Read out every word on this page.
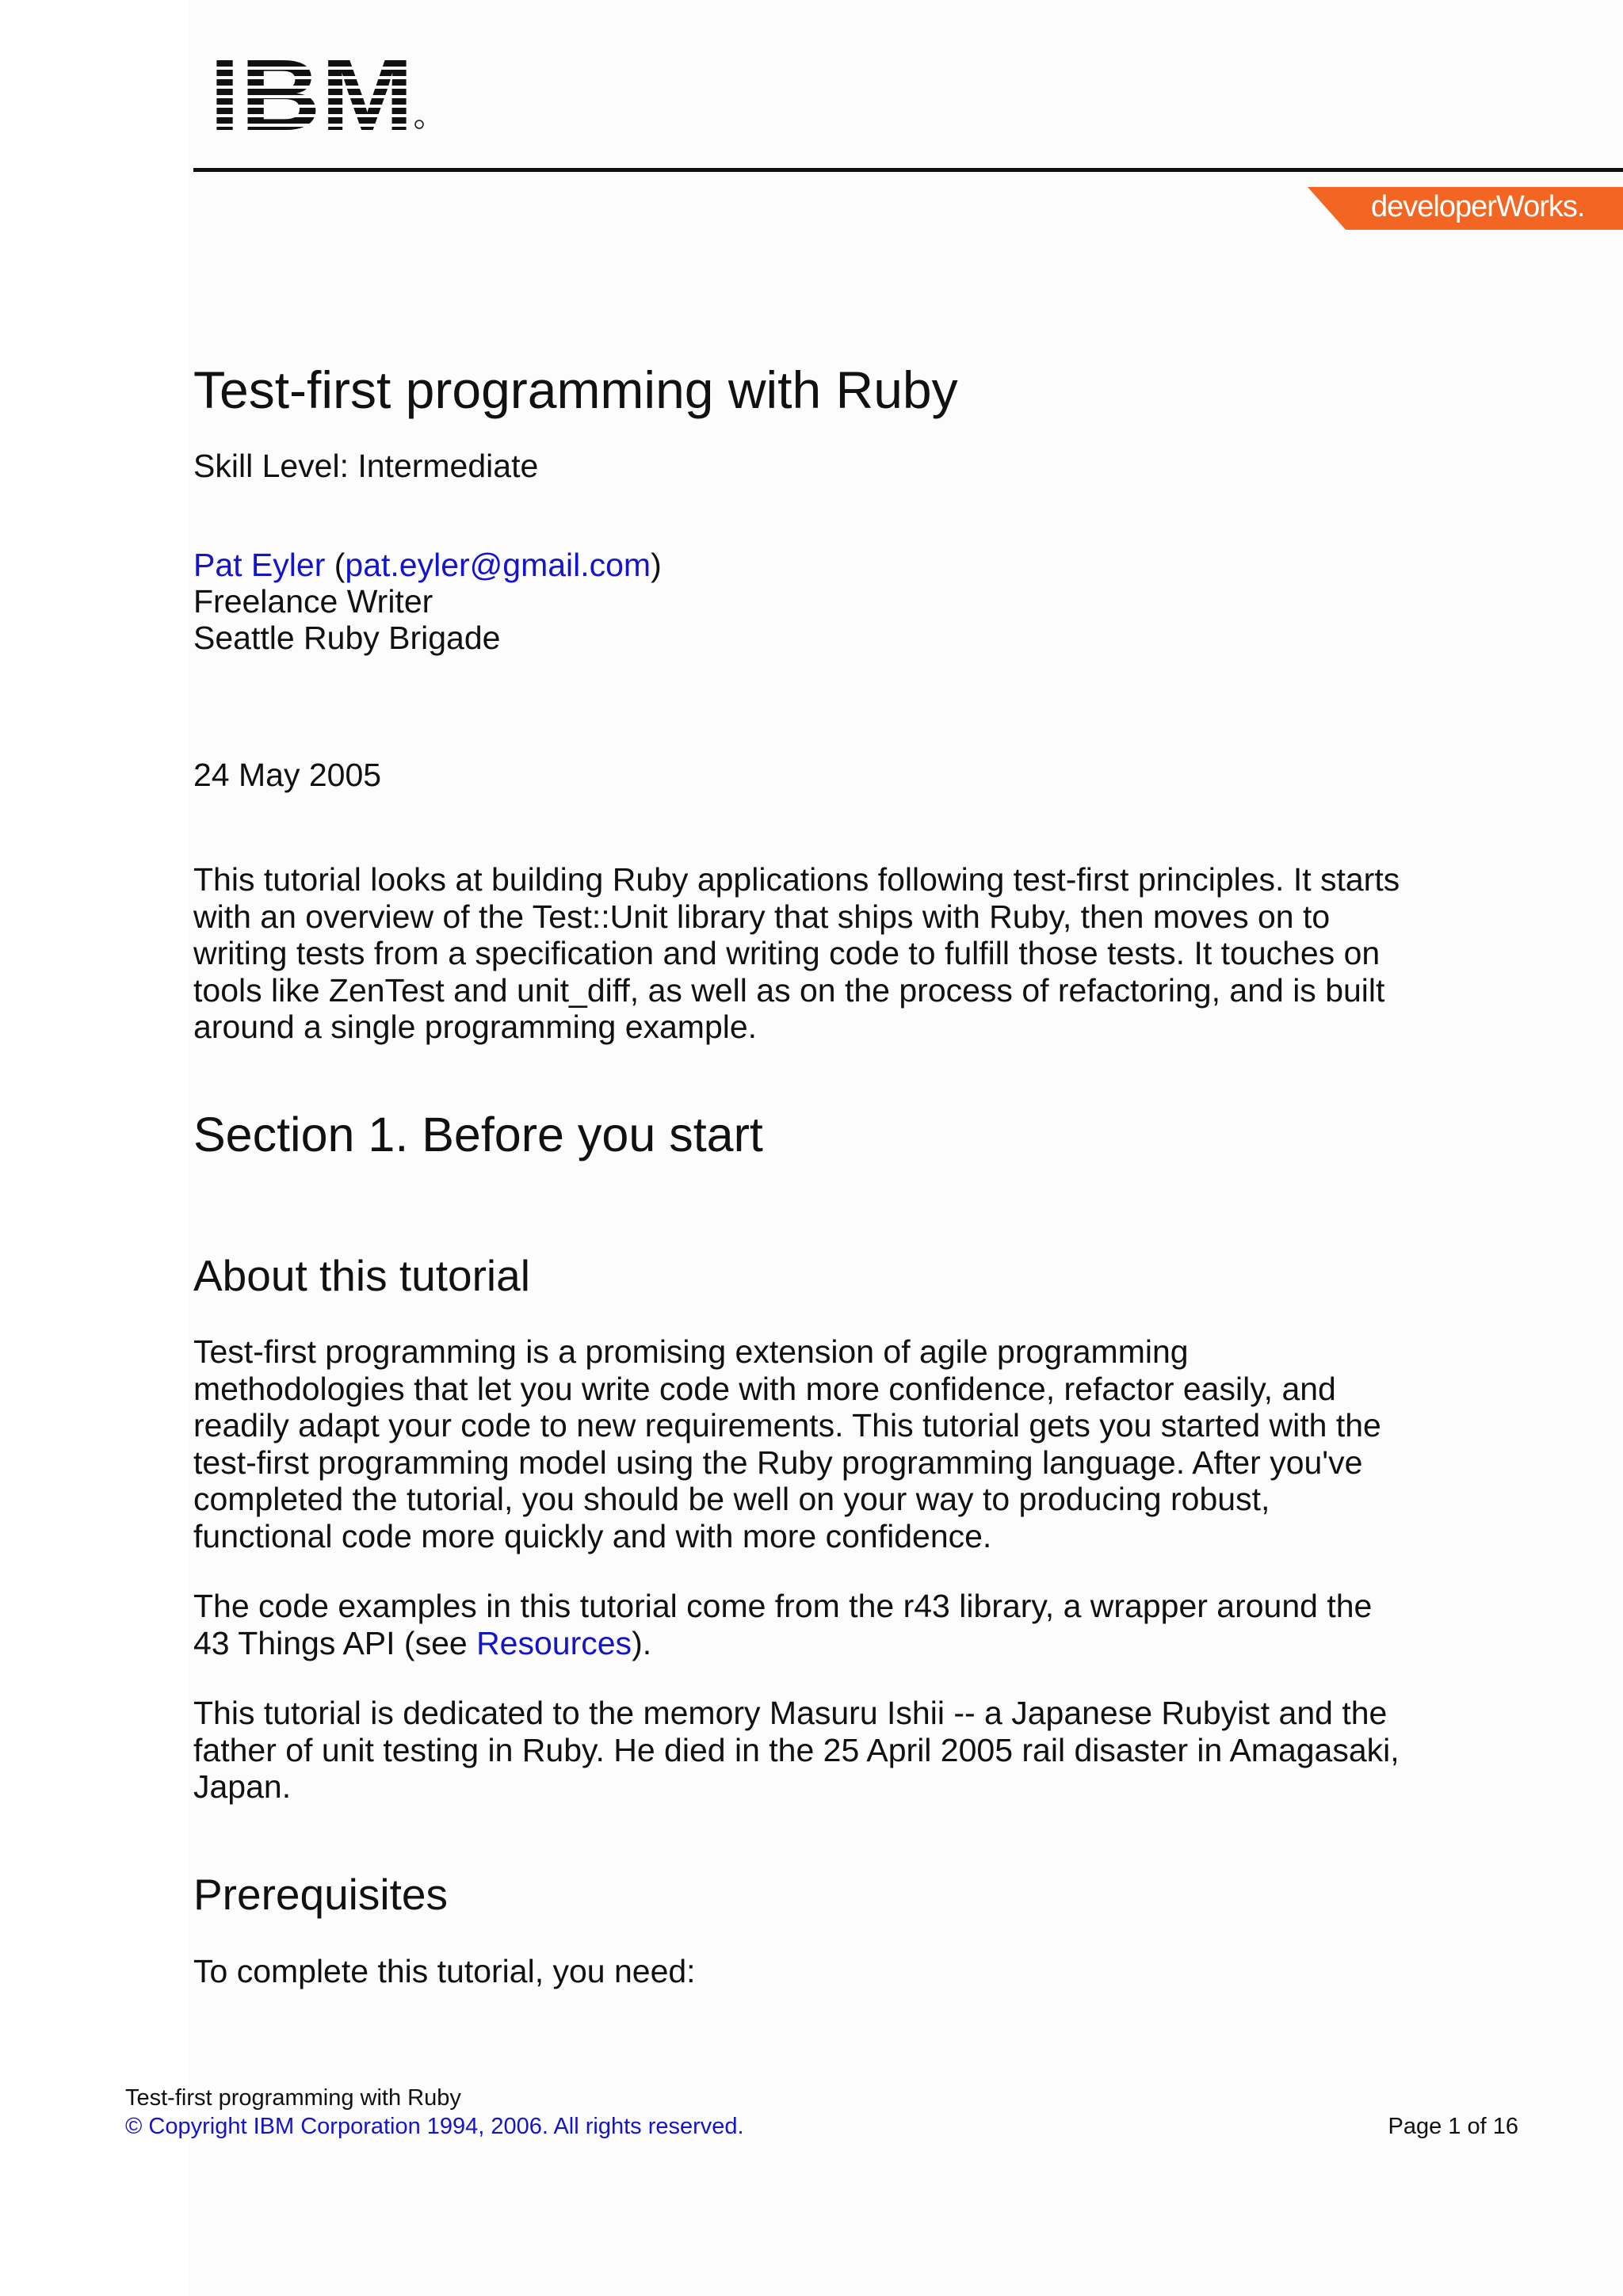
developerWorks.
Test-first programming with Ruby
Skill Level: Intermediate
Pat Eyler (pat.eyler@gmail.com)
Freelance Writer
Seattle Ruby Brigade
24 May 2005

This tutorial looks at building Ruby applications following test-first principles. It starts

with an overview of the Test::Unit library that ships with Ruby, then moves on to

writing tests from a specification and writing code to fulfill those tests. It touches on

tools like ZenTest and unit_diff, as well as on the process of refactoring, and is built

around a single programming example.

Section 1. Before you start
About this tutorial

Test-first programming is a promising extension of agile programming

methodologies that let you write code with more confidence, refactor easily, and

readily adapt your code to new requirements. This tutorial gets you started with the

test-first programming model using the Ruby programming language. After you've

completed the tutorial, you should be well on your way to producing robust,

functional code more quickly and with more confidence.

The code examples in this tutorial come from the r43 library, a wrapper around the

43 Things API (see Resources).

This tutorial is dedicated to the memory Masuru Ishii -- a Japanese Rubyist and the

father of unit testing in Ruby. He died in the 25 April 2005 rail disaster in Amagasaki,

Japan.

Prerequisites
To complete this tutorial, you need:
Test-first programming with Ruby
© Copyright IBM Corporation 1994, 2006. All rights reserved.	Page 1 of 16
